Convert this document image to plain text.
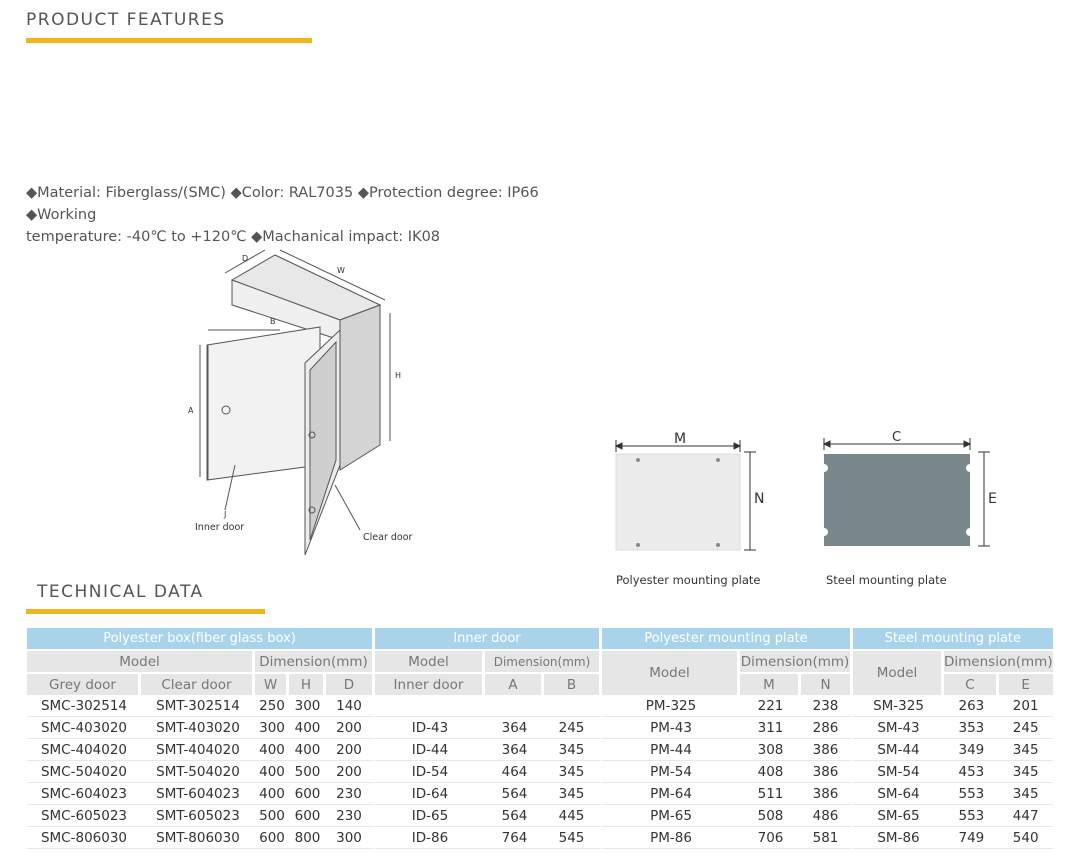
PRODUCT FEATURES
◆Material: Fiberglass/(SMC) ◆Color: RAL7035 ◆Protection degree: IP66 ◆Working
temperature: -40℃ to +120℃ ◆Machanical impact: IK08
D
W
B
H
A
J
Inner door
Clear door
M
N
Polyester mounting plate
C
E
Steel mounting plate
TECHNICAL DATA
Polyester box(fiber glass box)					Inner door			Polyester mounting plate			Steel mounting plate		
Model		Dimension(mm)			Model	Dimension(mm)		Model	Dimension(mm)		Model	Dimension(mm)	
Grey door	Clear door	W	H	D	Inner door	A	B		M	N		C	E
SMC-302514	SMT-302514	250	300	140				PM-325	221	238	SM-325	263	201
SMC-403020	SMT-403020	300	400	200	ID-43	364	245	PM-43	311	286	SM-43	353	245
SMC-404020	SMT-404020	400	400	200	ID-44	364	345	PM-44	308	386	SM-44	349	345
SMC-504020	SMT-504020	400	500	200	ID-54	464	345	PM-54	408	386	SM-54	453	345
SMC-604023	SMT-604023	400	600	230	ID-64	564	345	PM-64	511	386	SM-64	553	345
SMC-605023	SMT-605023	500	600	230	ID-65	564	445	PM-65	508	486	SM-65	553	447
SMC-806030	SMT-806030	600	800	300	ID-86	764	545	PM-86	706	581	SM-86	749	540
